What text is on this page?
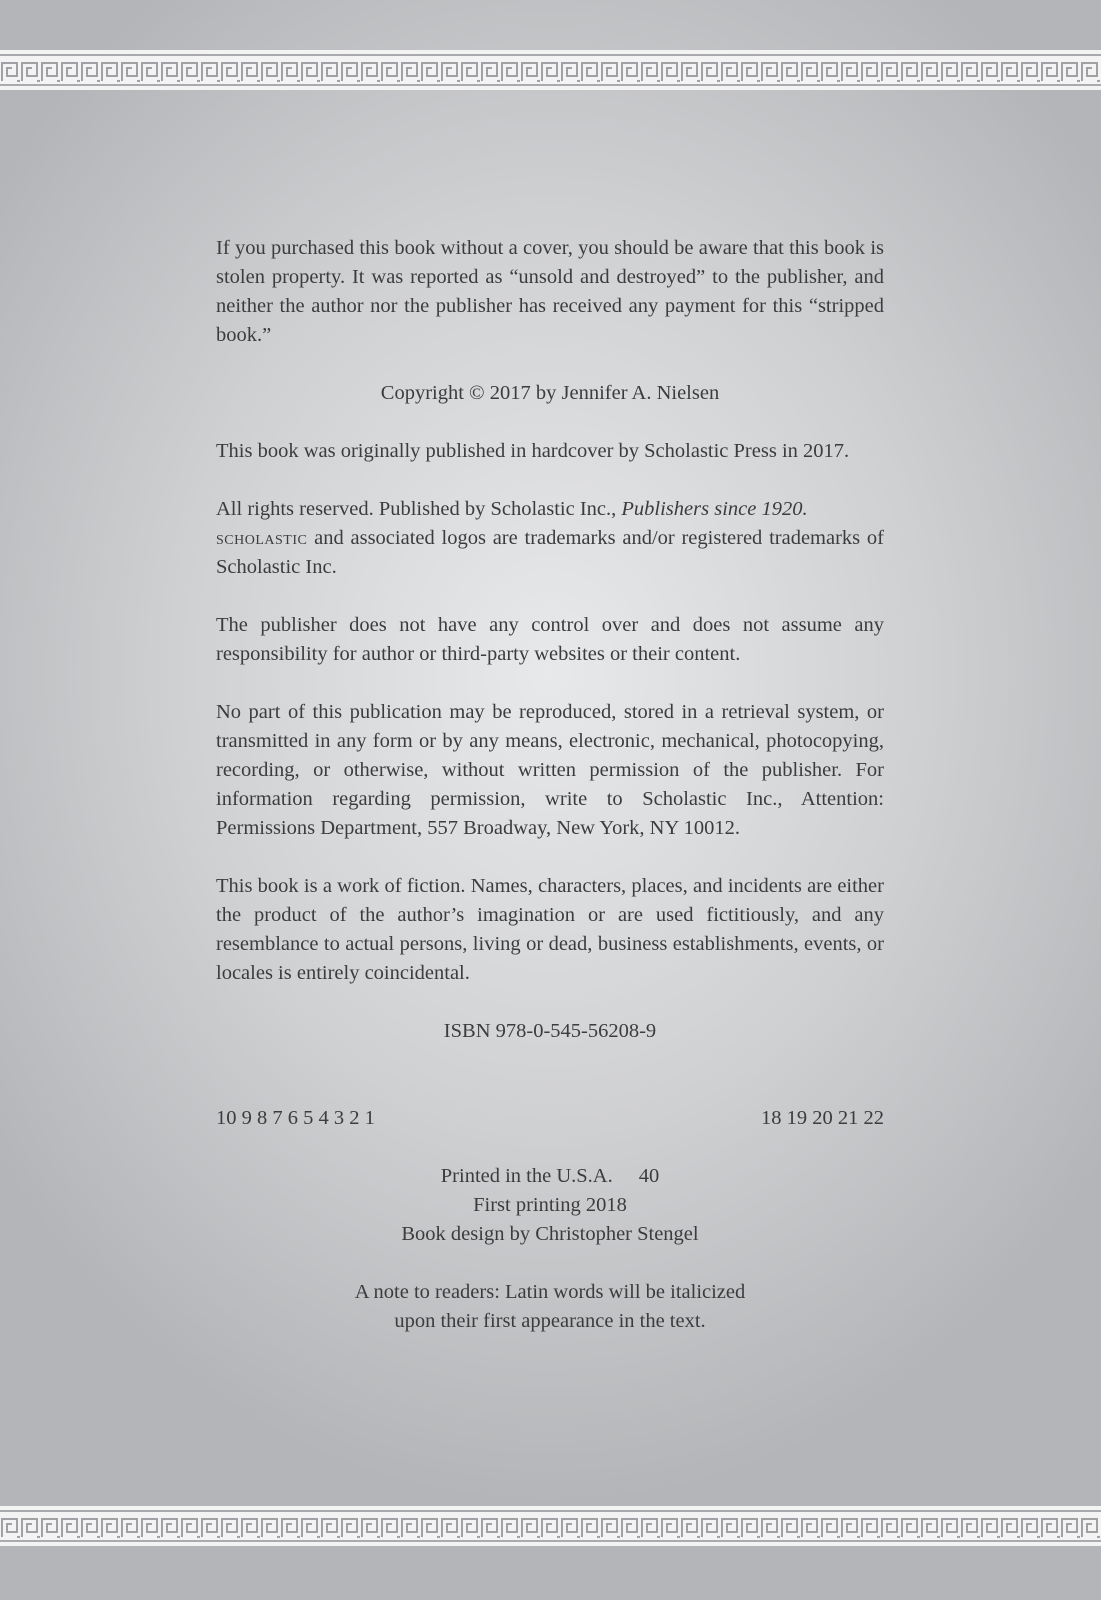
If you purchased this book without a cover, you should be aware that this book is stolen property. It was reported as “unsold and destroyed” to the publisher, and neither the author nor the publisher has received any payment for this “stripped book.”

Copyright © 2017 by Jennifer A. Nielsen

This book was originally published in hardcover by Scholastic Press in 2017.

All rights reserved. Published by Scholastic Inc., Publishers since 1920.
scholastic and associated logos are trademarks and/or registered trademarks of Scholastic Inc.

The publisher does not have any control over and does not assume any responsibility for author or third-party websites or their content.

No part of this publication may be reproduced, stored in a retrieval system, or transmitted in any form or by any means, electronic, mechanical, photocopying, recording, or otherwise, without written permission of the publisher. For information regarding permission, write to Scholastic Inc., Attention: Permissions Department, 557 Broadway, New York, NY 10012.

This book is a work of fiction. Names, characters, places, and incidents are either the product of the author’s imagination or are used fictitiously, and any resemblance to actual persons, living or dead, business establishments, events, or locales is entirely coincidental.

ISBN 978-0-545-56208-9

10 9 8 7 6 5 4 3 2 1	18 19 20 21 22

Printed in the U.S.A. 40
First printing 2018
Book design by Christopher Stengel

A note to readers: Latin words will be italicized
upon their first appearance in the text.
